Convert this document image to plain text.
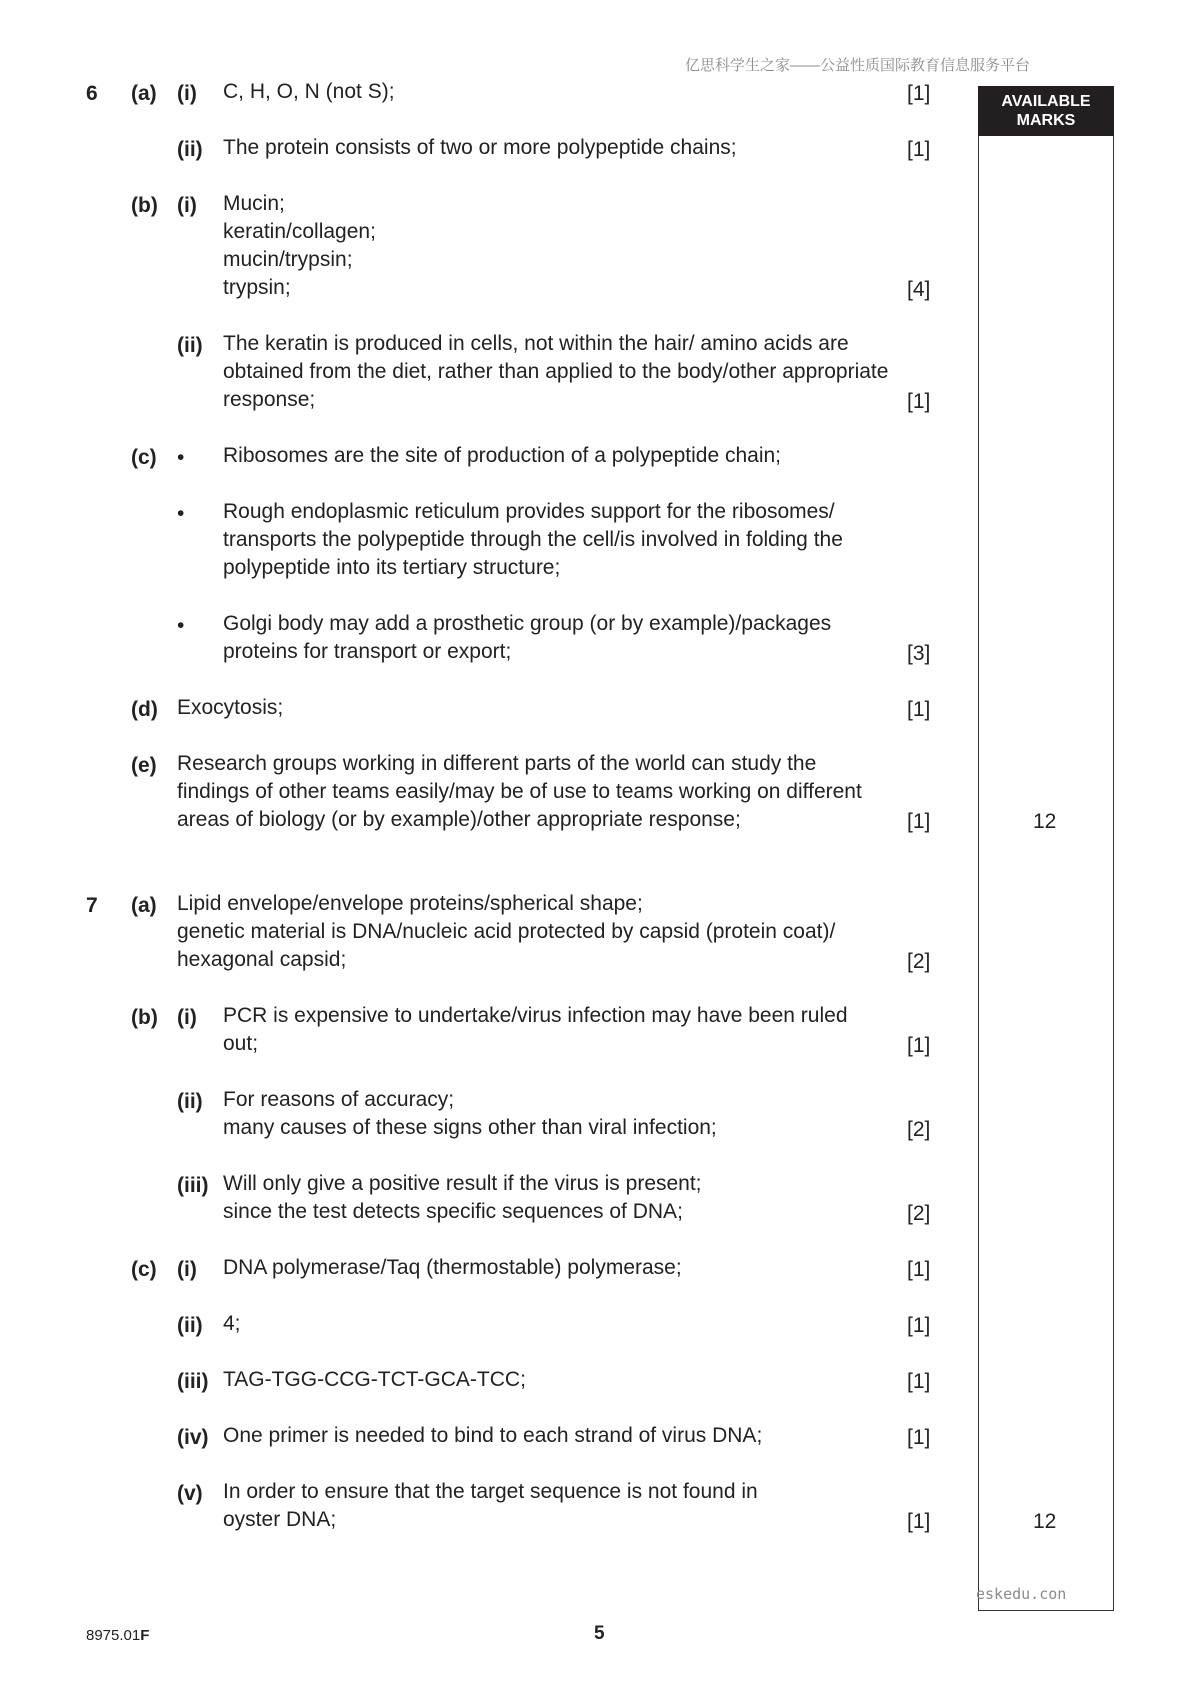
亿思科学生之家——公益性质国际教育信息服务平台
AVAILABLE MARKS
6 (a) (i) C, H, O, N (not S);	[1]
(ii) The protein consists of two or more polypeptide chains;	[1]
(b) (i) Mucin;
keratin/collagen;
mucin/trypsin;
trypsin;	[4]
(ii) The keratin is produced in cells, not within the hair/ amino acids are
obtained from the diet, rather than applied to the body/other appropriate
response;	[1]
(c) • Ribosomes are the site of production of a polypeptide chain;
• Rough endoplasmic reticulum provides support for the ribosomes/
transports the polypeptide through the cell/is involved in folding the
polypeptide into its tertiary structure;
• Golgi body may add a prosthetic group (or by example)/packages
proteins for transport or export;	[3]
(d) Exocytosis;	[1]
(e) Research groups working in different parts of the world can study the
findings of other teams easily/may be of use to teams working on different
areas of biology (or by example)/other appropriate response;	[1]	12
7 (a) Lipid envelope/envelope proteins/spherical shape;
genetic material is DNA/nucleic acid protected by capsid (protein coat)/
hexagonal capsid;	[2]
(b) (i) PCR is expensive to undertake/virus infection may have been ruled
out;	[1]
(ii) For reasons of accuracy;
many causes of these signs other than viral infection;	[2]
(iii) Will only give a positive result if the virus is present;
since the test detects specific sequences of DNA;	[2]
(c) (i) DNA polymerase/Taq (thermostable) polymerase;	[1]
(ii) 4;	[1]
(iii) TAG-TGG-CCG-TCT-GCA-TCC;	[1]
(iv) One primer is needed to bind to each strand of virus DNA;	[1]
(v) In order to ensure that the target sequence is not found in
oyster DNA;	[1]	12
eskedu.con
8975.01F	5
